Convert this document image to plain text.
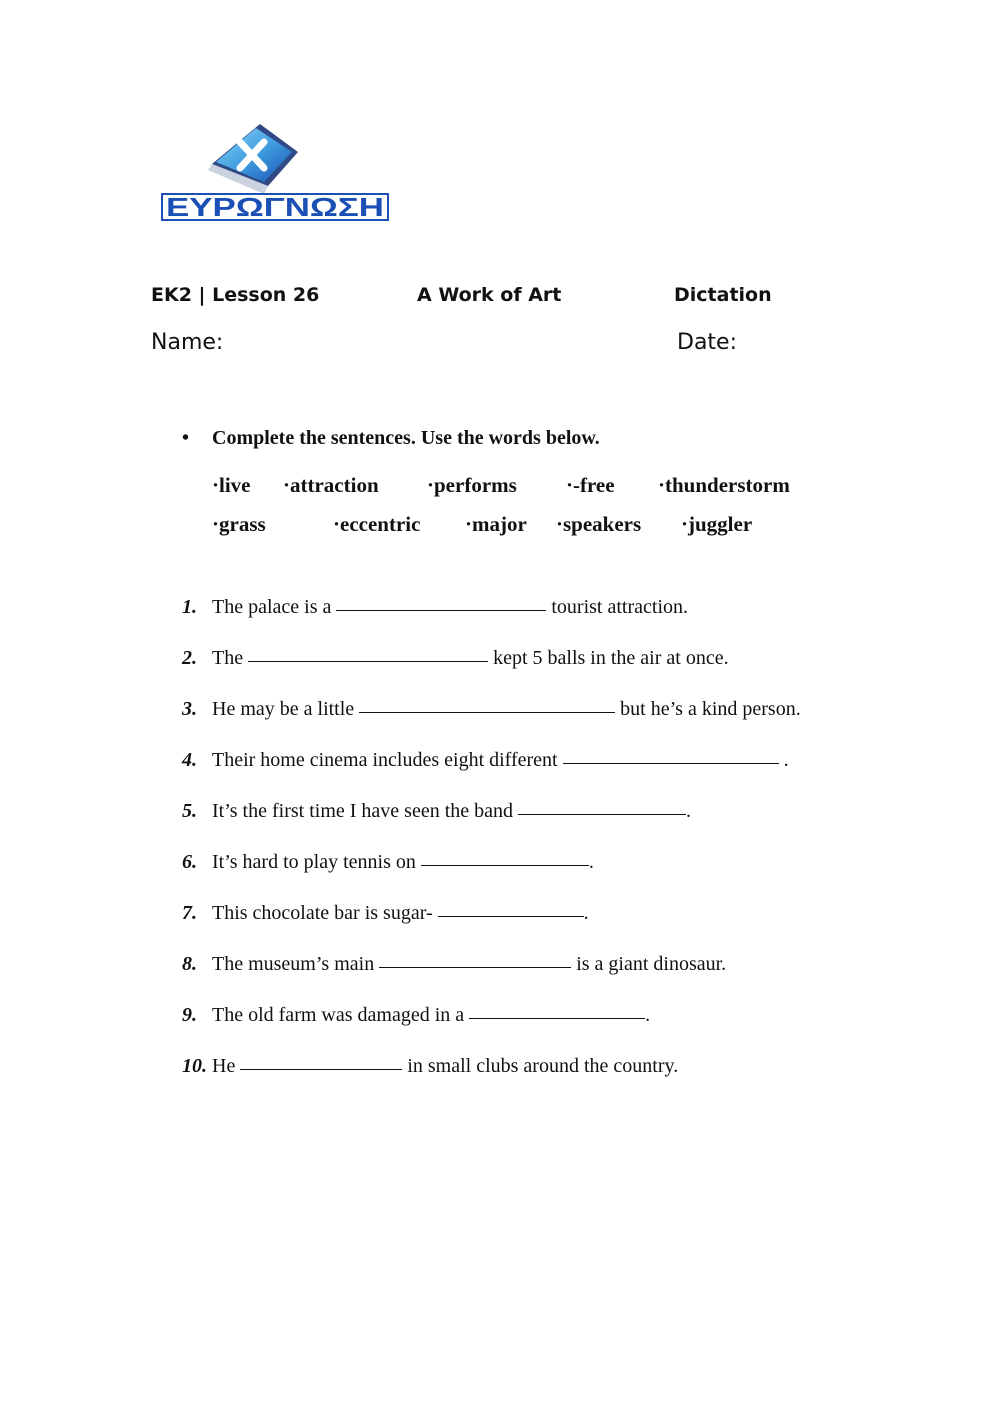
ΕΥΡΩΓΝΩΣΗ
EK2 | Lesson 26	A Work of Art	Dictation
Name:	Date:
• Complete the sentences. Use the words below.
·live ·attraction ·performs ·-free ·thunderstorm
·grass	·eccentric ·major ·speakers ·juggler
1. The palace is a	tourist attraction.
2. The	kept 5 balls in the air at once.
3. He may be a little	but he’s a kind person.
4. Their home cinema includes eight different	.
5. It’s the first time I have seen the band	.
6. It’s hard to play tennis on	.
7. This chocolate bar is sugar-	.
8. The museum’s main	is a giant dinosaur.
9. The old farm was damaged in a	.
10. He	in small clubs around the country.
